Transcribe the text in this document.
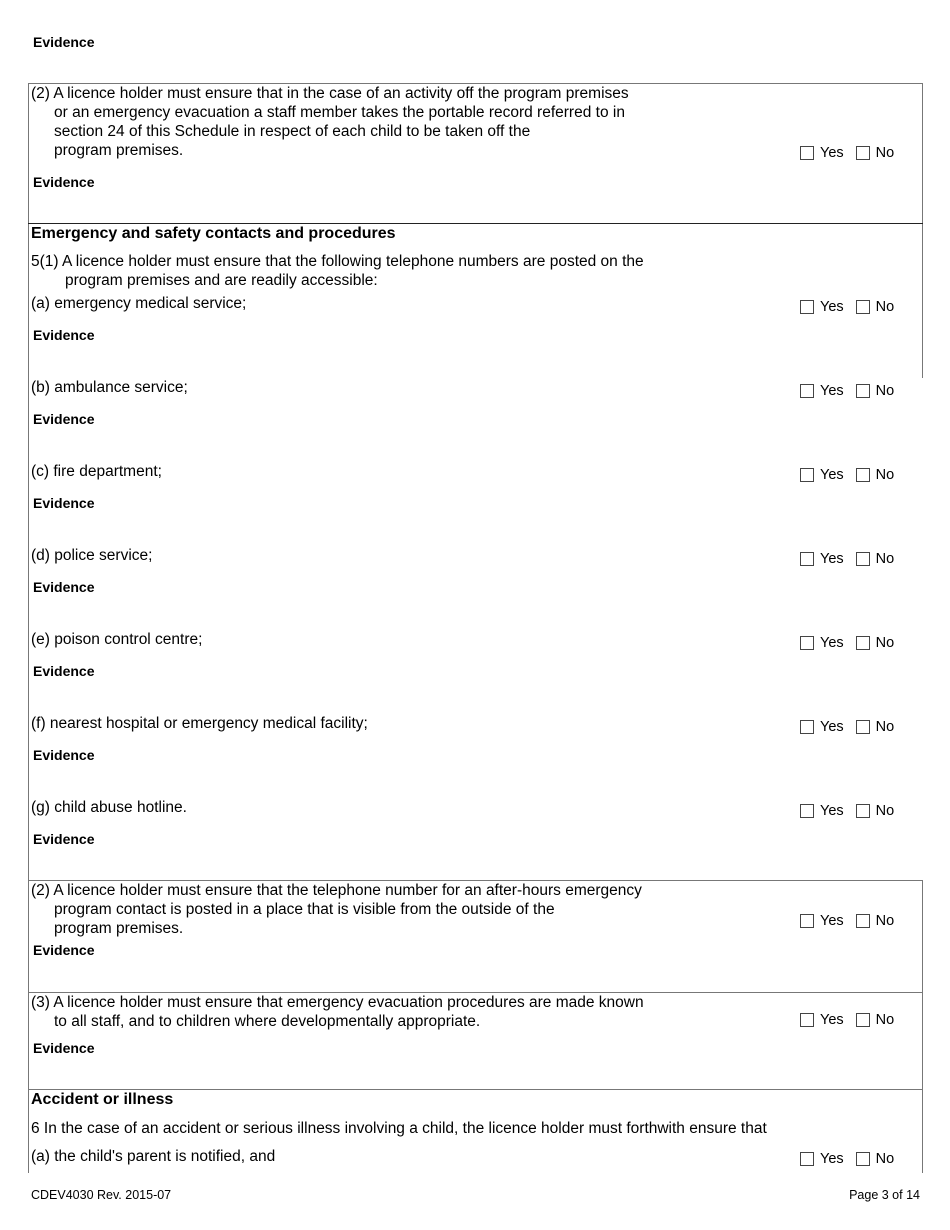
Evidence
(2) A licence holder must ensure that in the case of an activity off the program premises
or an emergency evacuation a staff member takes the portable record referred to in
section 24 of this Schedule in respect of each child to be taken off the
program premises.	Yes No
Evidence
Emergency and safety contacts and procedures
5(1) A licence holder must ensure that the following telephone numbers are posted on the
program premises and are readily accessible:
(a) emergency medical service;	Yes No
Evidence
(b) ambulance service;	Yes No
Evidence
(c) fire department;	Yes No
Evidence
(d) police service;	Yes No
Evidence
(e) poison control centre;	Yes No
Evidence
(f) nearest hospital or emergency medical facility;	Yes No
Evidence
(g) child abuse hotline.	Yes No
Evidence
(2) A licence holder must ensure that the telephone number for an after-hours emergency
program contact is posted in a place that is visible from the outside of the
program premises.	Yes No
Evidence
(3) A licence holder must ensure that emergency evacuation procedures are made known
to all staff, and to children where developmentally appropriate.	Yes No
Evidence
Accident or illness
6 In the case of an accident or serious illness involving a child, the licence holder must forthwith ensure that
(a) the child's parent is notified, and	Yes No
CDEV4030 Rev. 2015-07	Page 3 of 14
